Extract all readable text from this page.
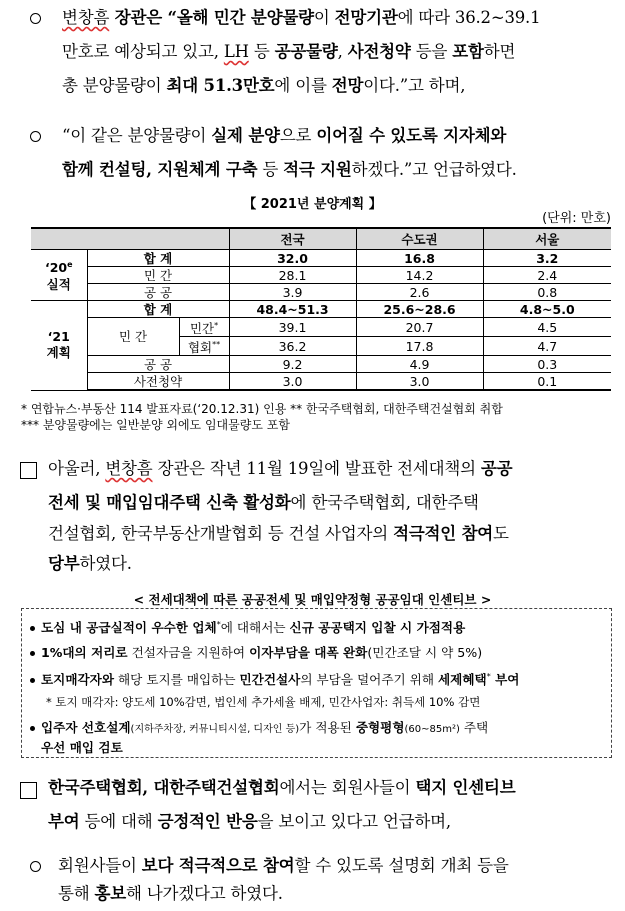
변창흠 장관은 “올해 민간 분양물량이 전망기관에 따라 36.2~39.1
만호로 예상되고 있고, LH 등 공공물량, 사전청약 등을 포함하면
총 분양물량이 최대 51.3만호에 이를 전망이다.”고 하며,
“이 같은 분양물량이 실제 분양으로 이어질 수 있도록 지자체와
함께 컨설팅, 지원체계 구축 등 적극 지원하겠다.”고 언급하였다.
【 2021년 분양계획 】
(단위: 만호)
			전국	수도권	서울
‘20e
실적	합 계		32.0	16.8	3.2
	민 간		28.1	14.2	2.4
	공 공		3.9	2.6	0.8
‘21
계획	합 계		48.4~51.3	25.6~28.6	4.8~5.0
	민 간	민간*	39.1	20.7	4.5
		협회**	36.2	17.8	4.7
	공 공		9.2	4.9	0.3
	사전청약		3.0	3.0	0.1
* 연합뉴스·부동산 114 발표자료(‘20.12.31) 인용 ** 한국주택협회, 대한주택건설협회 취합
*** 분양물량에는 일반분양 외에도 임대물량도 포함
아울러, 변창흠 장관은 작년 11월 19일에 발표한 전세대책의 공공
전세 및 매입임대주택 신축 활성화에 한국주택협회, 대한주택
건설협회, 한국부동산개발협회 등 건설 사업자의 적극적인 참여도
당부하였다.
< 전세대책에 따른 공공전세 및 매입약정형 공공임대 인센티브 >
도심 내 공급실적이 우수한 업체*에 대해서는 신규 공공택지 입찰 시 가점적용
1%대의 저리로 건설자금을 지원하여 이자부담을 대폭 완화(민간조달 시 약 5%)
토지매각자와 해당 토지를 매입하는 민간건설사의 부담을 덜어주기 위해 세제혜택* 부여
* 토지 매각자: 양도세 10%감면, 법인세 추가세율 배제, 민간사업자: 취득세 10% 감면
입주자 선호설계(지하주차장, 커뮤니티시설, 디자인 등)가 적용된 중형평형(60~85m²) 주택
우선 매입 검토
한국주택협회, 대한주택건설협회에서는 회원사들이 택지 인센티브
부여 등에 대해 긍정적인 반응을 보이고 있다고 언급하며,
회원사들이 보다 적극적으로 참여할 수 있도록 설명회 개최 등을
통해 홍보해 나가겠다고 하였다.
